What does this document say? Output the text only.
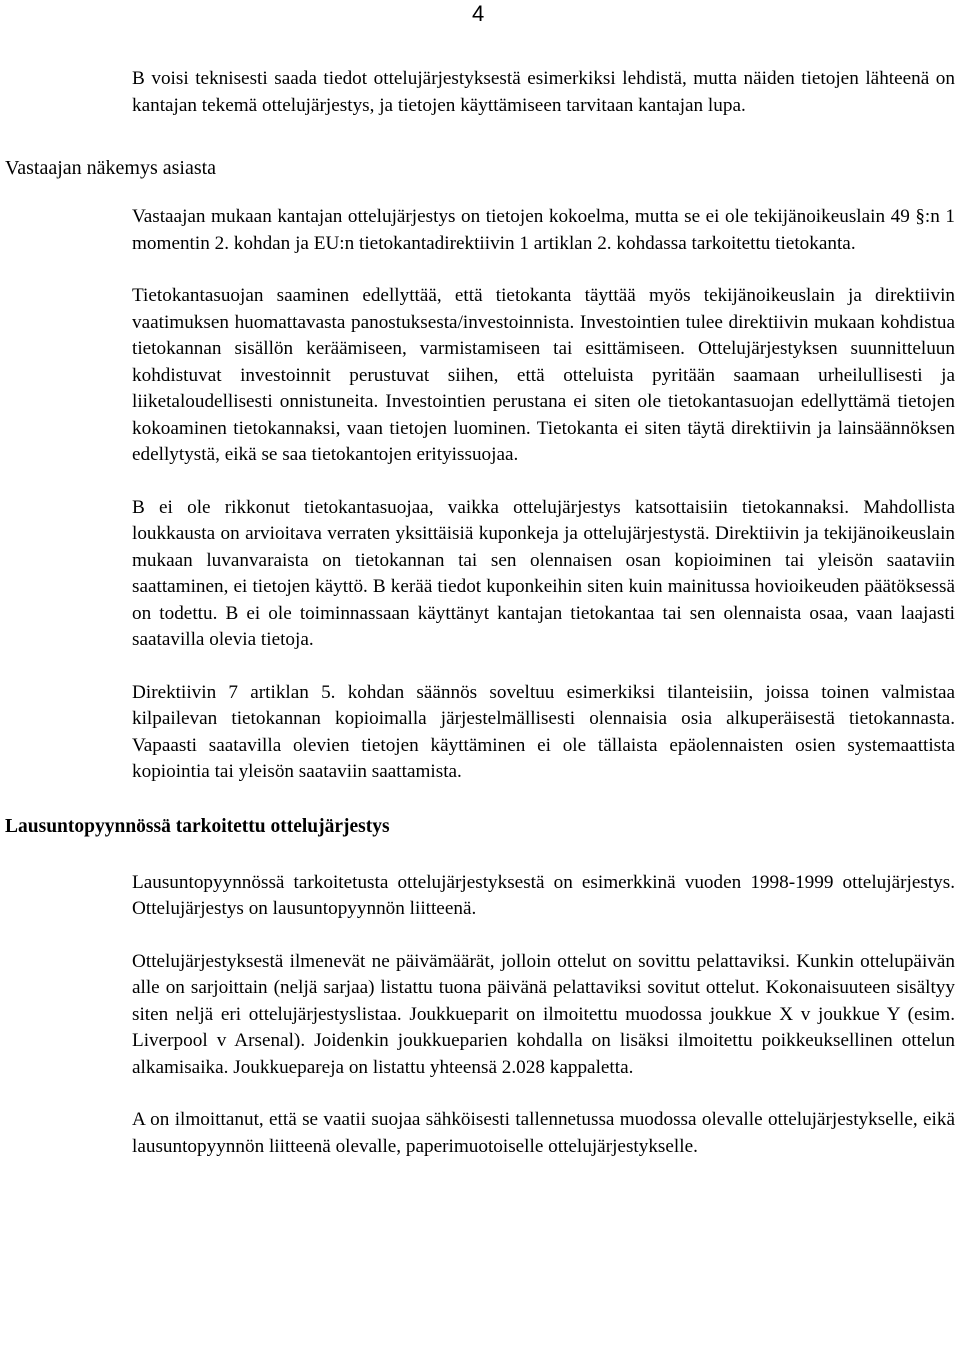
4

B voisi teknisesti saada tiedot ottelujärjestyksestä esimerkiksi lehdistä, mutta näiden tietojen lähteenä on kantajan tekemä ottelujärjestys, ja tietojen käyttämiseen tarvitaan kantajan lupa.

Vastaajan näkemys asiasta

Vastaajan mukaan kantajan ottelujärjestys on tietojen kokoelma, mutta se ei ole tekijänoikeuslain 49 §:n 1 momentin 2. kohdan ja EU:n tietokantadirektiivin 1 artiklan 2. kohdassa tarkoitettu tietokanta.

Tietokantasuojan saaminen edellyttää, että tietokanta täyttää myös tekijänoikeuslain ja direktiivin vaatimuksen huomattavasta panostuksesta/investoinnista. Investointien tulee direktiivin mukaan kohdistua tietokannan sisällön keräämiseen, varmistamiseen tai esittämiseen. Ottelujärjestyksen suunnitteluun kohdistuvat investoinnit perustuvat siihen, että otteluista pyritään saamaan urheilullisesti ja liiketaloudellisesti onnistuneita. Investointien perustana ei siten ole tietokantasuojan edellyttämä tietojen kokoaminen tietokannaksi, vaan tietojen luominen. Tietokanta ei siten täytä direktiivin ja lainsäännöksen edellytystä, eikä se saa tietokantojen erityissuojaa.

B ei ole rikkonut tietokantasuojaa, vaikka ottelujärjestys katsottaisiin tietokannaksi. Mahdollista loukkausta on arvioitava verraten yksittäisiä kuponkeja ja ottelujärjestystä. Direktiivin ja tekijänoikeuslain mukaan luvanvaraista on tietokannan tai sen olennaisen osan kopioiminen tai yleisön saataviin saattaminen, ei tietojen käyttö. B kerää tiedot kuponkeihin siten kuin mainitussa hovioikeuden päätöksessä on todettu. B ei ole toiminnassaan käyttänyt kantajan tietokantaa tai sen olennaista osaa, vaan laajasti saatavilla olevia tietoja.

Direktiivin 7 artiklan 5. kohdan säännös soveltuu esimerkiksi tilanteisiin, joissa toinen valmistaa kilpailevan tietokannan kopioimalla järjestelmällisesti olennaisia osia alkuperäisestä tietokannasta. Vapaasti saatavilla olevien tietojen käyttäminen ei ole tällaista epäolennaisten osien systemaattista kopiointia tai yleisön saataviin saattamista.

Lausuntopyynnössä tarkoitettu ottelujärjestys

Lausuntopyynnössä tarkoitetusta ottelujärjestyksestä on esimerkkinä vuoden 1998-1999 ottelujärjestys. Ottelujärjestys on lausuntopyynnön liitteenä.

Ottelujärjestyksestä ilmenevät ne päivämäärät, jolloin ottelut on sovittu pelattaviksi. Kunkin ottelupäivän alle on sarjoittain (neljä sarjaa) listattu tuona päivänä pelattaviksi sovitut ottelut. Kokonaisuuteen sisältyy siten neljä eri ottelujärjestyslistaa. Joukkueparit on ilmoitettu muodossa joukkue X v joukkue Y (esim. Liverpool v Arsenal). Joidenkin joukkueparien kohdalla on lisäksi ilmoitettu poikkeuksellinen ottelun alkamisaika. Joukkuepareja on listattu yhteensä 2.028 kappaletta.

A on ilmoittanut, että se vaatii suojaa sähköisesti tallennetussa muodossa olevalle ottelujärjestykselle, eikä lausuntopyynnön liitteenä olevalle, paperimuotoiselle ottelujärjestykselle.
